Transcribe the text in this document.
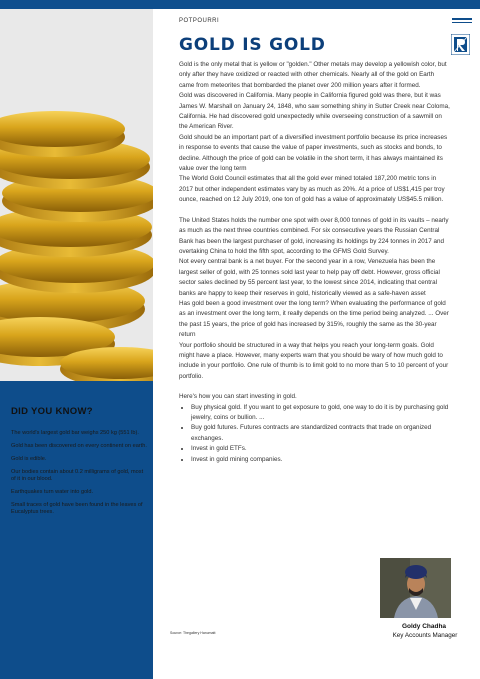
DID YOU KNOW?
The world's largest gold bar weighs 250 kg (551 lb).
Gold has been discovered on every continent on earth.
Gold is edible.
Our bodies contain about 0.2 milligrams of gold, most of it in our blood.
Earthquakes turn water into gold.
Small traces of gold have been found in the leaves of Eucalyptus trees.

POTPOURRI

GOLD IS GOLD

Gold is the only metal that is yellow or "golden." Other metals may develop a yellowish color, but only after they have oxidized or reacted with other chemicals. Nearly all of the gold on Earth came from meteorites that bombarded the planet over 200 million years after it formed.

Gold was discovered in California. Many people in California figured gold was there, but it was James W. Marshall on January 24, 1848, who saw something shiny in Sutter Creek near Coloma, California. He had discovered gold unexpectedly while overseeing construction of a sawmill on the American River.

Gold should be an important part of a diversified investment portfolio because its price increases in response to events that cause the value of paper investments, such as stocks and bonds, to decline. Although the price of gold can be volatile in the short term, it has always maintained its value over the long term

The World Gold Council estimates that all the gold ever mined totaled 187,200 metric tons in 2017 but other independent estimates vary by as much as 20%. At a price of US$1,415 per troy ounce, reached on 12 July 2019, one ton of gold has a value of approximately US$45.5 million.

The United States holds the number one spot with over 8,000 tonnes of gold in its vaults – nearly as much as the next three countries combined. For six consecutive years the Russian Central Bank has been the largest purchaser of gold, increasing its holdings by 224 tonnes in 2017 and overtaking China to hold the fifth spot, according to the GFMS Gold Survey.

Not every central bank is a net buyer. For the second year in a row, Venezuela has been the largest seller of gold, with 25 tonnes sold last year to help pay off debt. However, gross official sector sales declined by 55 percent last year, to the lowest since 2014, indicating that central banks are happy to keep their reserves in gold, historically viewed as a safe-haven asset

Has gold been a good investment over the long term? When evaluating the performance of gold as an investment over the long term, it really depends on the time period being analyzed. ... Over the past 15 years, the price of gold has increased by 315%, roughly the same as the 30-year return

Your portfolio should be structured in a way that helps you reach your long-term goals. Gold might have a place. However, many experts warn that you should be wary of how much gold to include in your portfolio. One rule of thumb is to limit gold to no more than 5 to 10 percent of your portfolio.

Here's how you can start investing in gold.

• Buy physical gold. If you want to get exposure to gold, one way to do it is by purchasing gold jewelry, coins or bullion. ...
• Buy gold futures. Futures contracts are standardized contracts that trade on organized exchanges.
• Invest in gold ETFs.
• Invest in gold mining companies.

Source: Thegallery Hanumatt

Goldy Chadha

Key Accounts Manager
